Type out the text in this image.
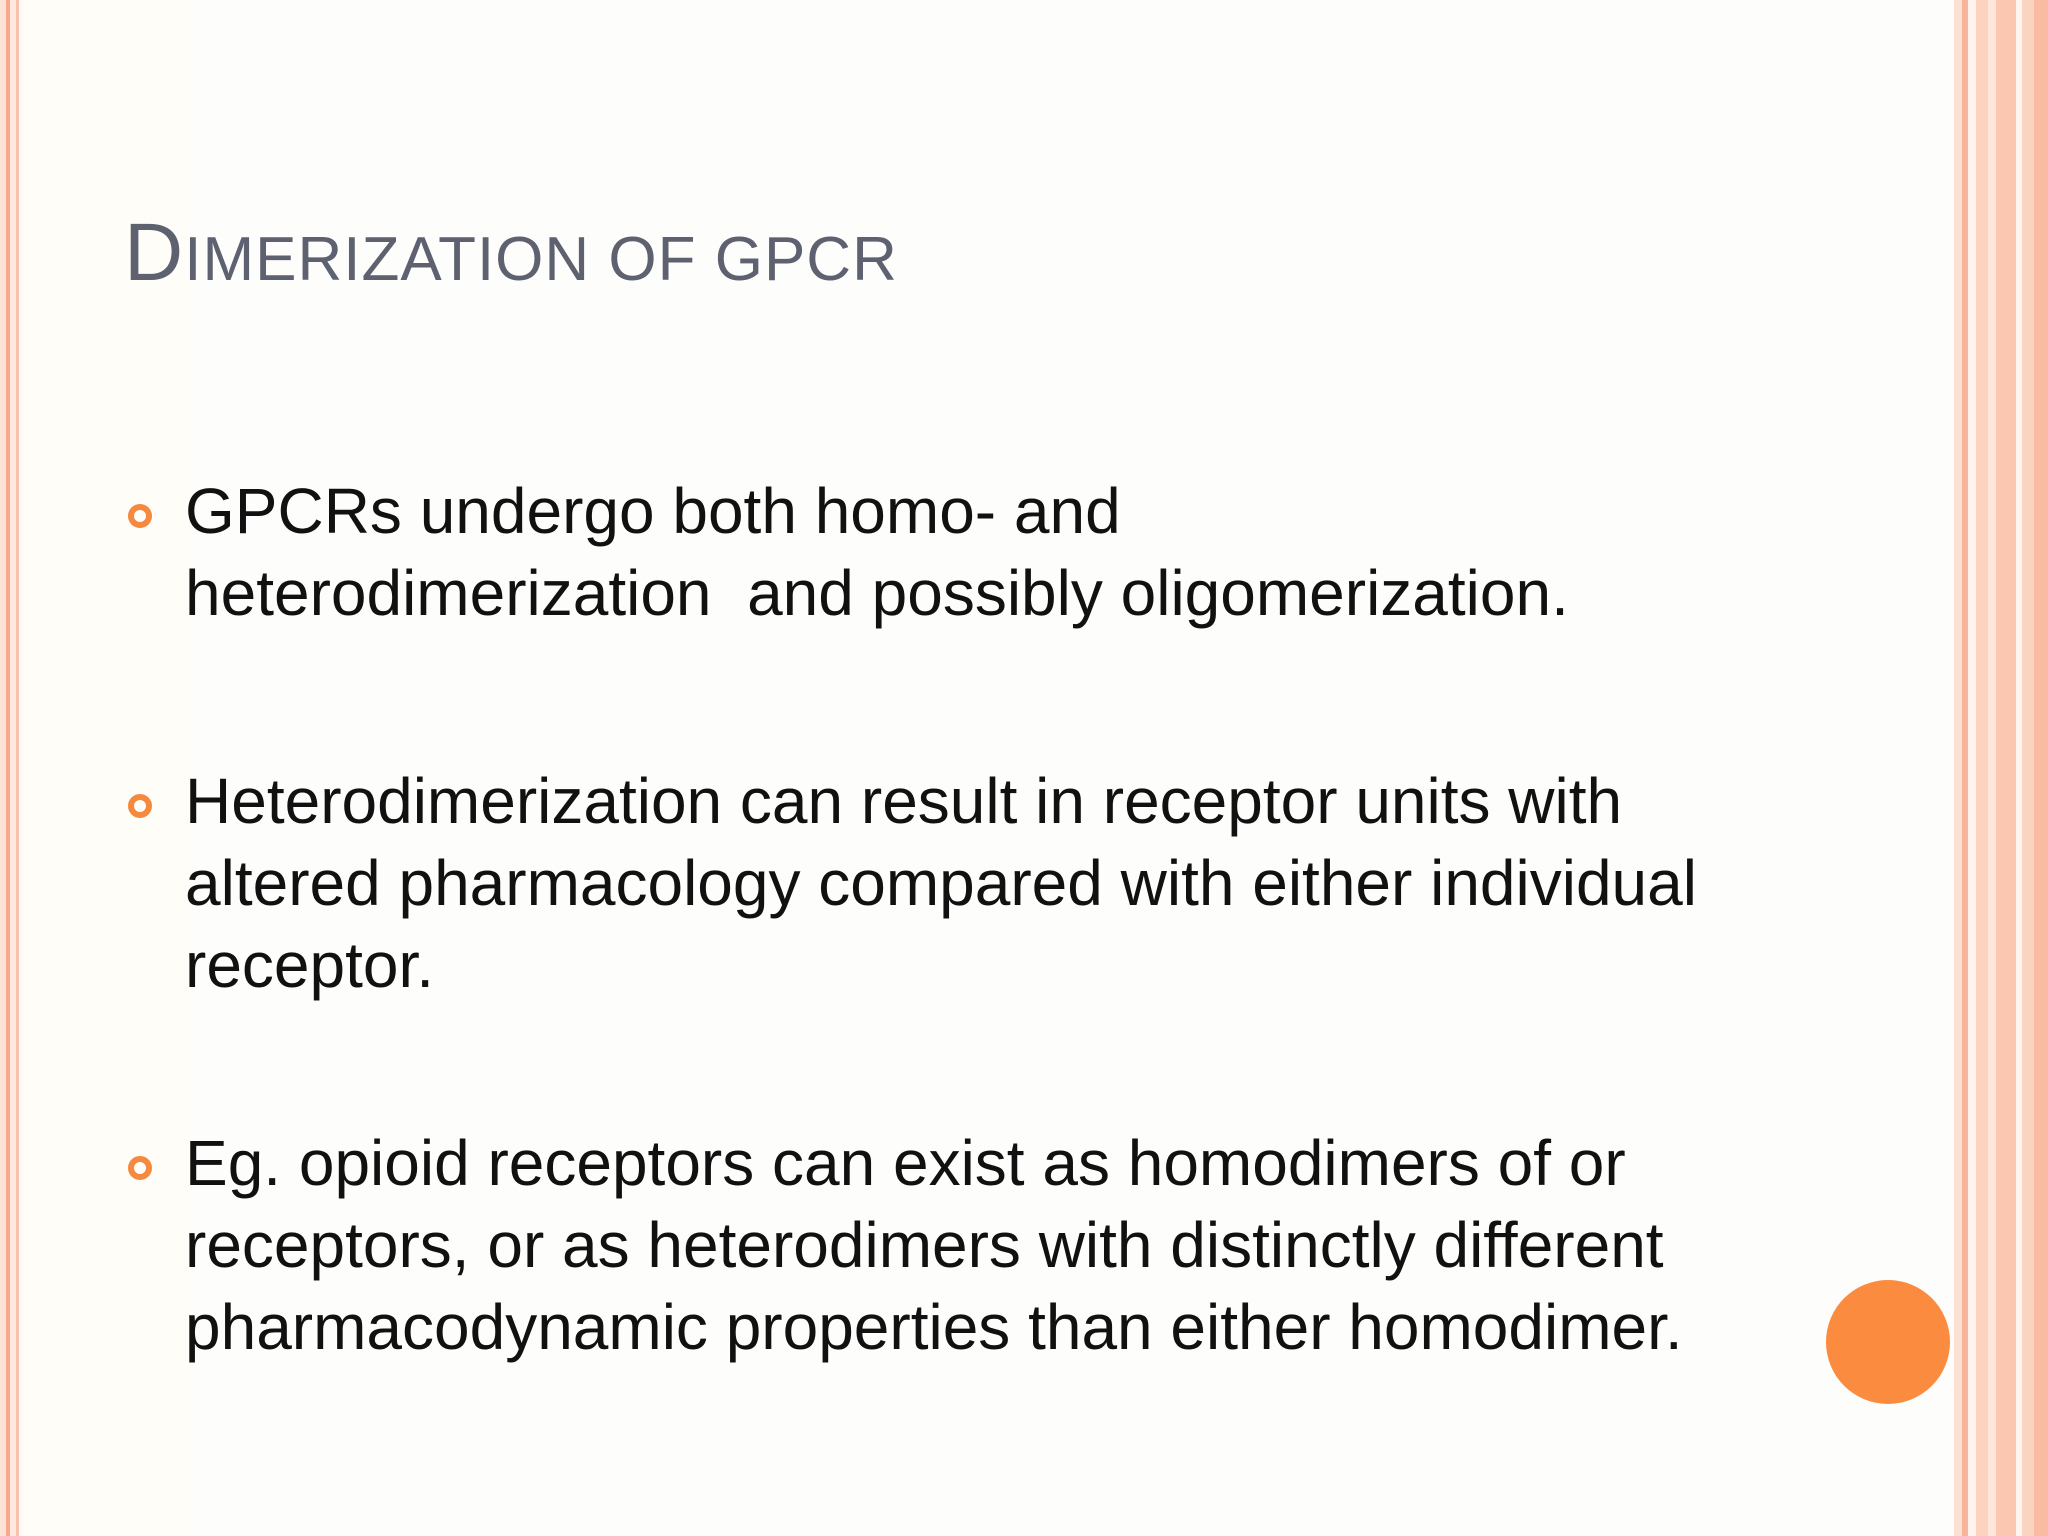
DIMERIZATION OF GPCR
GPCRs undergo both homo- and
heterodimerization  and possibly oligomerization.
Heterodimerization can result in receptor units with altered pharmacology compared with either individual receptor.
Eg. opioid receptors can exist as homodimers of or receptors, or as heterodimers with distinctly different pharmacodynamic properties than either homodimer.
